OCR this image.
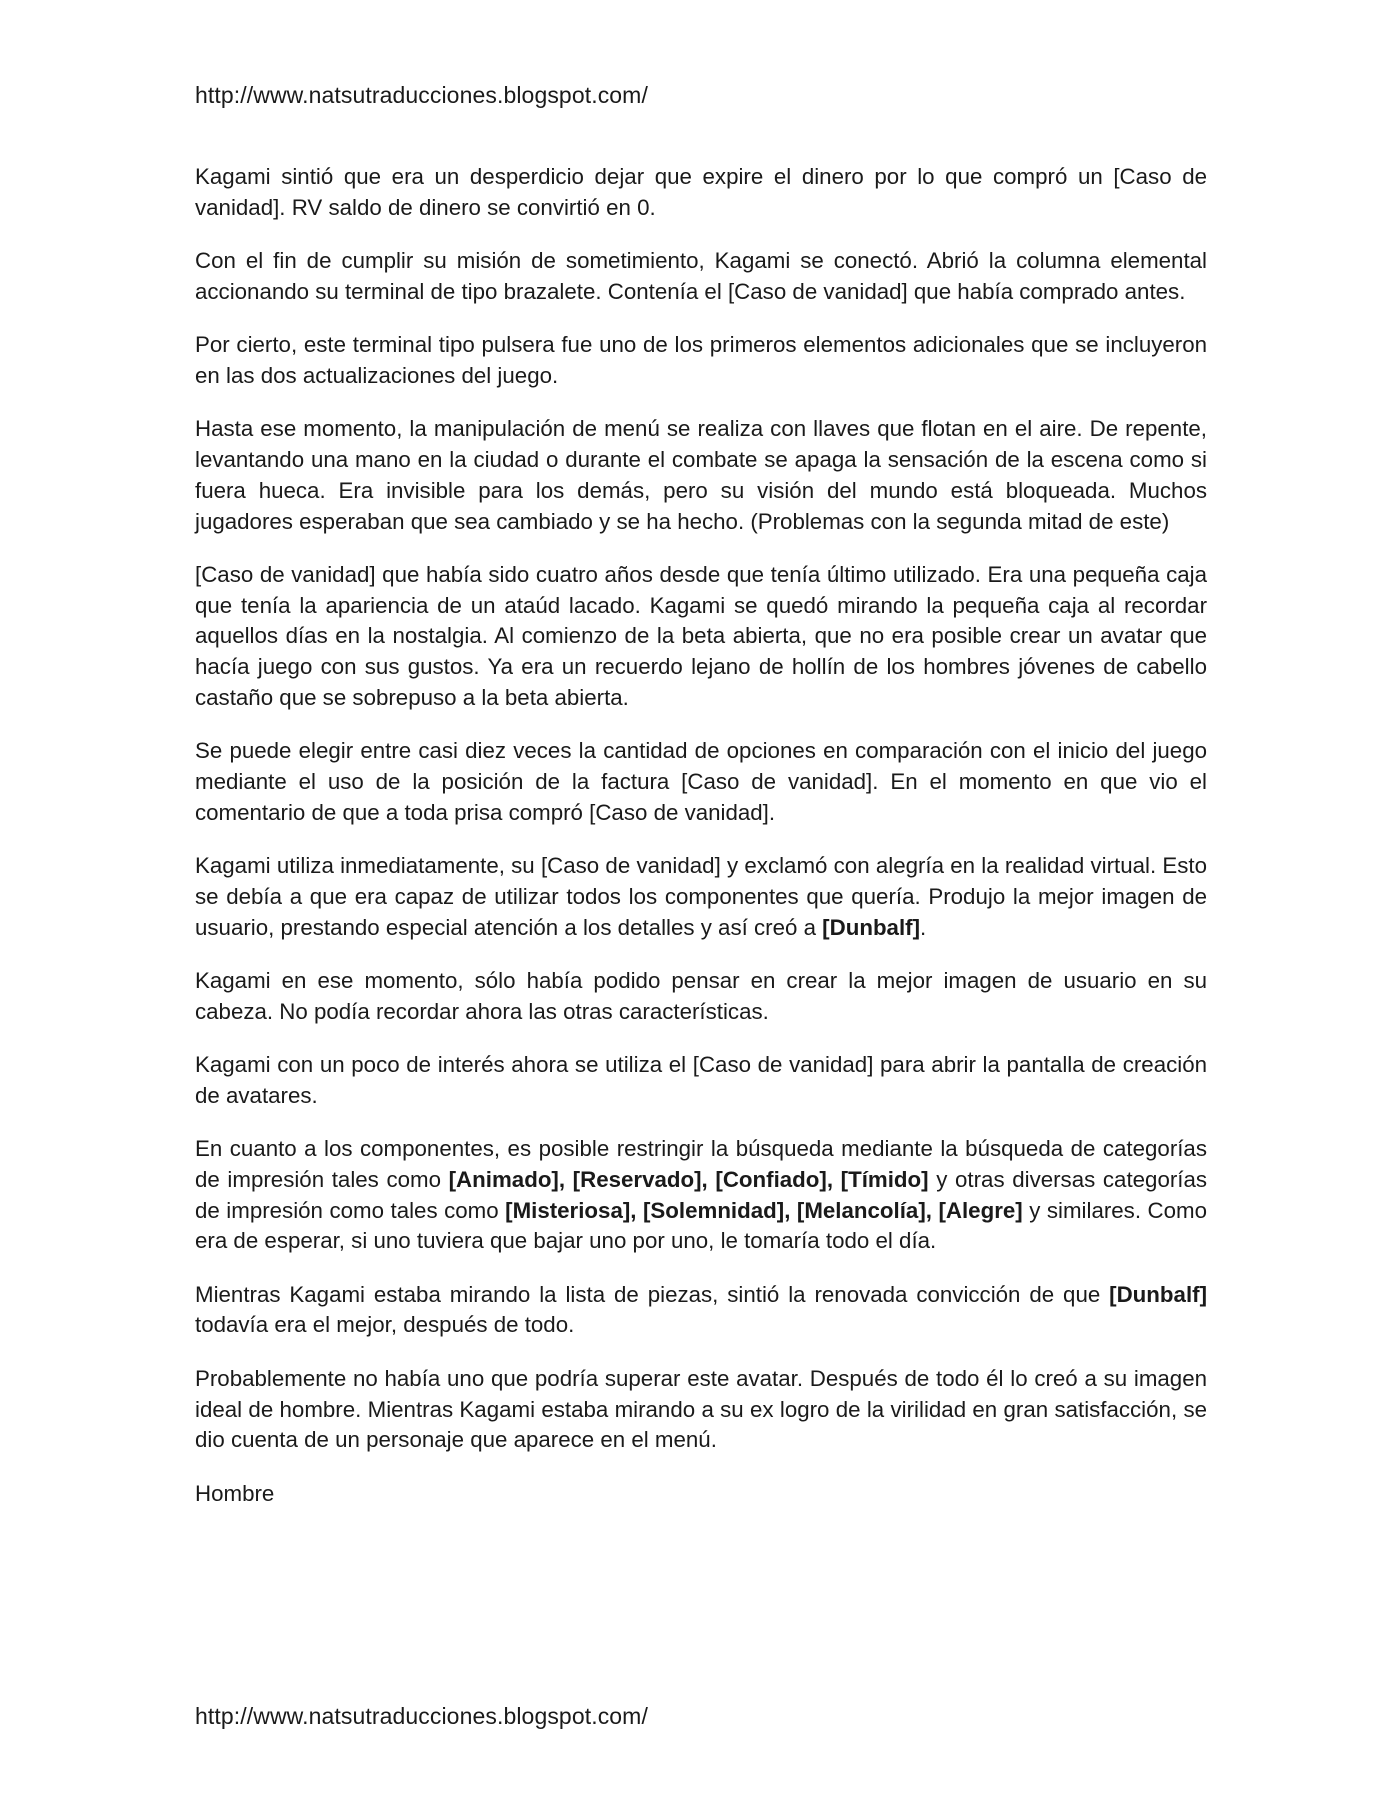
http://www.natsutraducciones.blogspot.com/

Kagami sintió que era un desperdicio dejar que expire el dinero por lo que compró un [Caso de vanidad]. RV saldo de dinero se convirtió en 0.

Con el fin de cumplir su misión de sometimiento, Kagami se conectó. Abrió la columna elemental accionando su terminal de tipo brazalete. Contenía el [Caso de vanidad] que había comprado antes.

Por cierto, este terminal tipo pulsera fue uno de los primeros elementos adicionales que se incluyeron en las dos actualizaciones del juego.

Hasta ese momento, la manipulación de menú se realiza con llaves que flotan en el aire. De repente, levantando una mano en la ciudad o durante el combate se apaga la sensación de la escena como si fuera hueca. Era invisible para los demás, pero su visión del mundo está bloqueada. Muchos jugadores esperaban que sea cambiado y se ha hecho. (Problemas con la segunda mitad de este)

[Caso de vanidad] que había sido cuatro años desde que tenía último utilizado. Era una pequeña caja que tenía la apariencia de un ataúd lacado. Kagami se quedó mirando la pequeña caja al recordar aquellos días en la nostalgia. Al comienzo de la beta abierta, que no era posible crear un avatar que hacía juego con sus gustos. Ya era un recuerdo lejano de hollín de los hombres jóvenes de cabello castaño que se sobrepuso a la beta abierta.

Se puede elegir entre casi diez veces la cantidad de opciones en comparación con el inicio del juego mediante el uso de la posición de la factura [Caso de vanidad]. En el momento en que vio el comentario de que a toda prisa compró [Caso de vanidad].

Kagami utiliza inmediatamente, su [Caso de vanidad] y exclamó con alegría en la realidad virtual. Esto se debía a que era capaz de utilizar todos los componentes que quería. Produjo la mejor imagen de usuario, prestando especial atención a los detalles y así creó a [Dunbalf].

Kagami en ese momento, sólo había podido pensar en crear la mejor imagen de usuario en su cabeza. No podía recordar ahora las otras características.

Kagami con un poco de interés ahora se utiliza el [Caso de vanidad] para abrir la pantalla de creación de avatares.

En cuanto a los componentes, es posible restringir la búsqueda mediante la búsqueda de categorías de impresión tales como [Animado], [Reservado], [Confiado], [Tímido] y otras diversas categorías de impresión como tales como [Misteriosa], [Solemnidad], [Melancolía], [Alegre] y similares. Como era de esperar, si uno tuviera que bajar uno por uno, le tomaría todo el día.

Mientras Kagami estaba mirando la lista de piezas, sintió la renovada convicción de que [Dunbalf] todavía era el mejor, después de todo.

Probablemente no había uno que podría superar este avatar. Después de todo él lo creó a su imagen ideal de hombre. Mientras Kagami estaba mirando a su ex logro de la virilidad en gran satisfacción, se dio cuenta de un personaje que aparece en el menú.

Hombre

http://www.natsutraducciones.blogspot.com/
